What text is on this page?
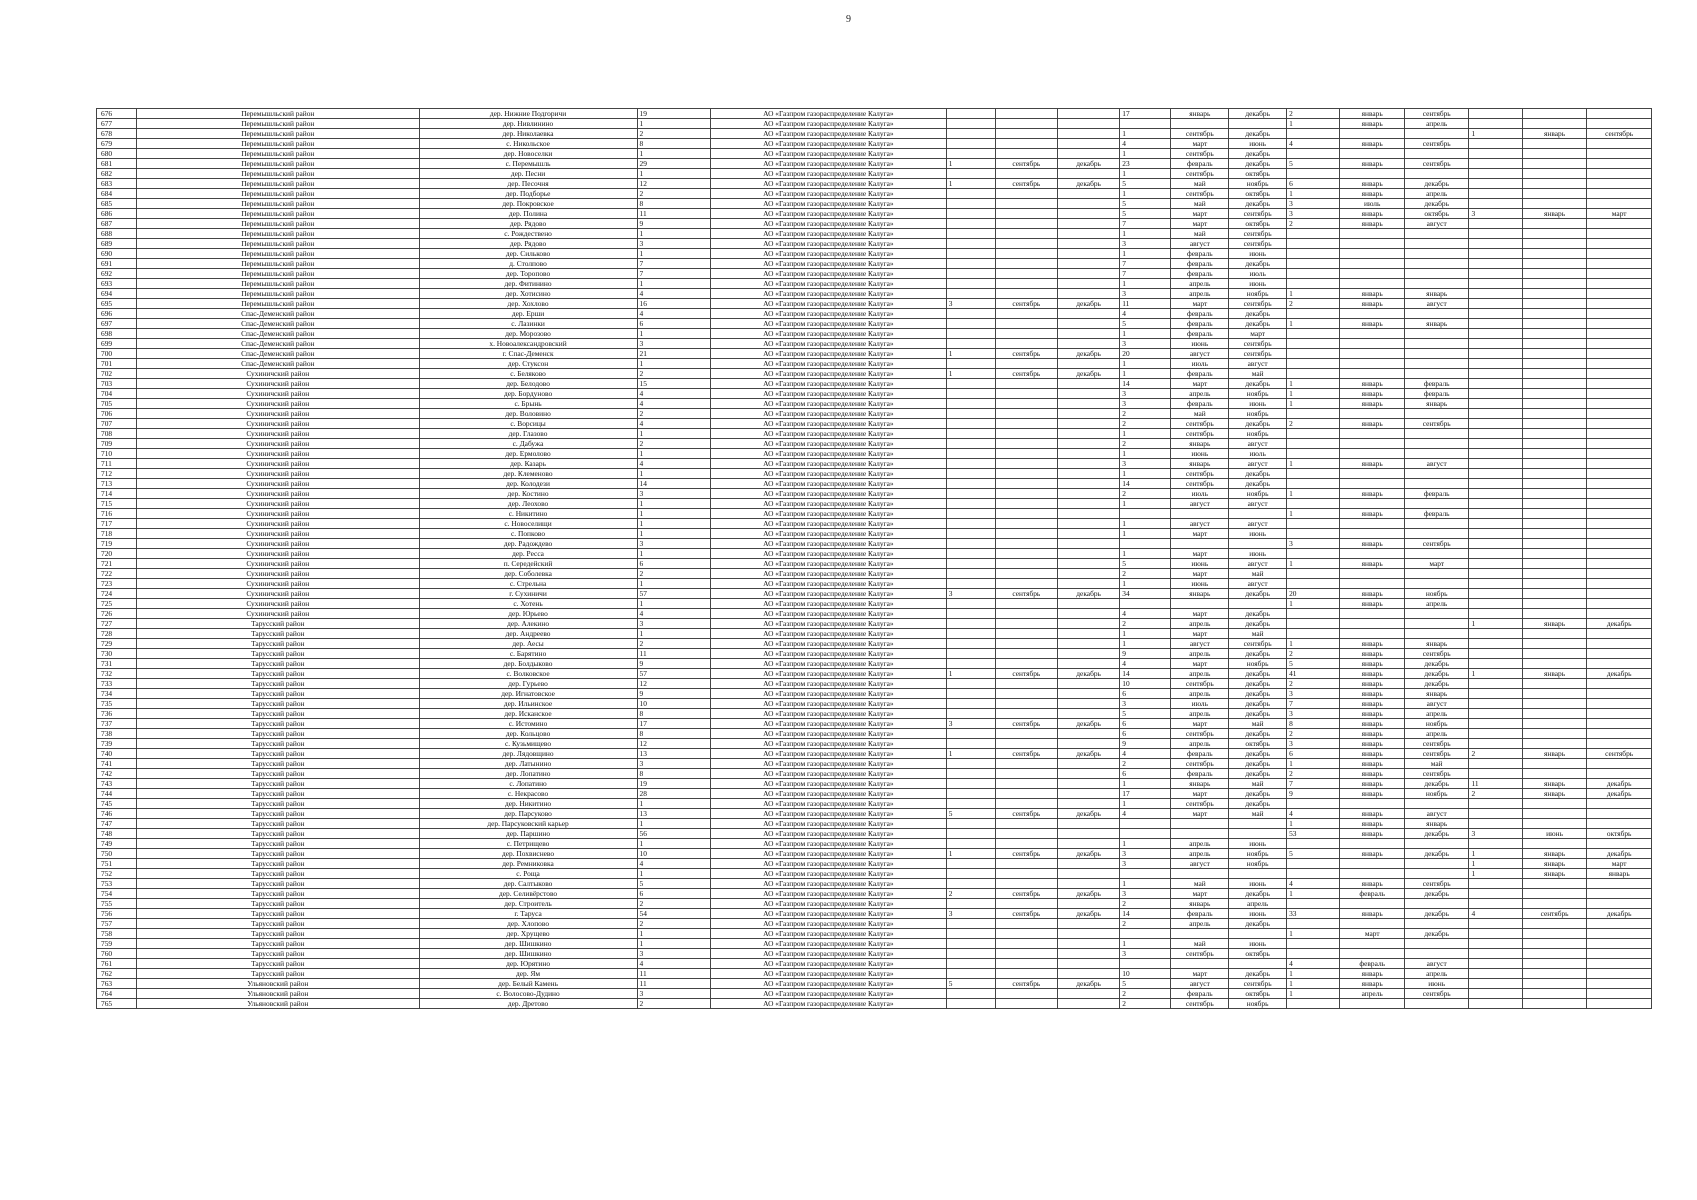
9
676	Перемышльский район	дер. Нижние Подгоричи	19	АО «Газпром газораспределение Калуга»				17	январь	декабрь	2	январь	сентябрь			
677	Перемышльский район	дер. Нивлинино	1	АО «Газпром газораспределение Калуга»							1	январь	апрель			
678	Перемышльский район	дер. Николаевка	2	АО «Газпром газораспределение Калуга»				1	сентябрь	декабрь				1	январь	сентябрь
679	Перемышльский район	с. Никольское	8	АО «Газпром газораспределение Калуга»				4	март	июнь	4	январь	сентябрь			
680	Перемышльский район	дер. Новоселки	1	АО «Газпром газораспределение Калуга»				1	сентябрь	декабрь						
681	Перемышльский район	с. Перемышль	29	АО «Газпром газораспределение Калуга»	1	сентябрь	декабрь	23	февраль	декабрь	5	январь	сентябрь			
682	Перемышльский район	дер. Песни	1	АО «Газпром газораспределение Калуга»				1	сентябрь	октябрь						
683	Перемышльский район	дер. Песочня	12	АО «Газпром газораспределение Калуга»	1	сентябрь	декабрь	5	май	ноябрь	6	январь	декабрь			
684	Перемышльский район	дер. Подборье	2	АО «Газпром газораспределение Калуга»				1	сентябрь	октябрь	1	январь	апрель			
685	Перемышльский район	дер. Покровское	8	АО «Газпром газораспределение Калуга»				5	май	декабрь	3	июль	декабрь			
686	Перемышльский район	дер. Полина	11	АО «Газпром газораспределение Калуга»				5	март	сентябрь	3	январь	октябрь	3	январь	март
687	Перемышльский район	дер. Рядово	9	АО «Газпром газораспределение Калуга»				7	март	октябрь	2	январь	август			
688	Перемышльский район	с. Рождествено	1	АО «Газпром газораспределение Калуга»				1	май	сентябрь						
689	Перемышльский район	дер. Рядово	3	АО «Газпром газораспределение Калуга»				3	август	сентябрь						
690	Перемышльский район	дер. Сильково	1	АО «Газпром газораспределение Калуга»				1	февраль	июнь						
691	Перемышльский район	д. Столпово	7	АО «Газпром газораспределение Калуга»				7	февраль	декабрь						
692	Перемышльский район	дер. Торопово	7	АО «Газпром газораспределение Калуга»				7	февраль	июль						
693	Перемышльский район	дер. Фитинино	1	АО «Газпром газораспределение Калуга»				1	апрель	июнь						
694	Перемышльский район	дер. Хотисино	4	АО «Газпром газораспределение Калуга»				3	апрель	ноябрь	1	январь	январь			
695	Перемышльский район	дер. Хохлово	16	АО «Газпром газораспределение Калуга»	3	сентябрь	декабрь	11	март	сентябрь	2	январь	август			
696	Спас-Деменский район	дер. Ерши	4	АО «Газпром газораспределение Калуга»				4	февраль	декабрь						
697	Спас-Деменский район	с. Лазинки	6	АО «Газпром газораспределение Калуга»				5	февраль	декабрь	1	январь	январь			
698	Спас-Деменский район	дер. Морозово	1	АО «Газпром газораспределение Калуга»				1	февраль	март						
699	Спас-Деменский район	х. Новоалександровский	3	АО «Газпром газораспределение Калуга»				3	июнь	сентябрь						
700	Спас-Деменский район	г. Спас-Деменск	21	АО «Газпром газораспределение Калуга»	1	сентябрь	декабрь	20	август	сентябрь						
701	Спас-Деменский район	дер. Стуксон	1	АО «Газпром газораспределение Калуга»				1	июль	август						
702	Сухиничский район	с. Беляково	2	АО «Газпром газораспределение Калуга»	1	сентябрь	декабрь	1	февраль	май						
703	Сухиничский район	дер. Белодово	15	АО «Газпром газораспределение Калуга»				14	март	декабрь	1	январь	февраль			
704	Сухиничский район	дер. Бордуново	4	АО «Газпром газораспределение Калуга»				3	апрель	ноябрь	1	январь	февраль			
705	Сухиничский район	с. Брынь	4	АО «Газпром газораспределение Калуга»				3	февраль	июнь	1	январь	январь			
706	Сухиничский район	дер. Воловино	2	АО «Газпром газораспределение Калуга»				2	май	ноябрь						
707	Сухиничский район	с. Ворсицы	4	АО «Газпром газораспределение Калуга»				2	сентябрь	декабрь	2	январь	сентябрь			
708	Сухиничский район	дер. Глазово	1	АО «Газпром газораспределение Калуга»				1	сентябрь	ноябрь						
709	Сухиничский район	с. Дабужа	2	АО «Газпром газораспределение Калуга»				2	январь	август						
710	Сухиничский район	дер. Ермолово	1	АО «Газпром газораспределение Калуга»				1	июнь	июль						
711	Сухиничский район	дер. Казарь	4	АО «Газпром газораспределение Калуга»				3	январь	август	1	январь	август			
712	Сухиничский район	дер. Клеменово	1	АО «Газпром газораспределение Калуга»				1	сентябрь	декабрь						
713	Сухиничский район	дер. Колодези	14	АО «Газпром газораспределение Калуга»				14	сентябрь	декабрь						
714	Сухиничский район	дер. Костино	3	АО «Газпром газораспределение Калуга»				2	июль	ноябрь	1	январь	февраль			
715	Сухиничский район	дер. Леохово	1	АО «Газпром газораспределение Калуга»				1	август	август						
716	Сухиничский район	с. Никитино	1	АО «Газпром газораспределение Калуга»							1	январь	февраль			
717	Сухиничский район	с. Новоселищи	1	АО «Газпром газораспределение Калуга»				1	август	август						
718	Сухиничский район	с. Попково	1	АО «Газпром газораспределение Калуга»				1	март	июнь						
719	Сухиничский район	дер. Радождево	3	АО «Газпром газораспределение Калуга»							3	январь	сентябрь			
720	Сухиничский район	дер. Ресса	1	АО «Газпром газораспределение Калуга»				1	март	июнь						
721	Сухиничский район	п. Середейский	6	АО «Газпром газораспределение Калуга»				5	июнь	август	1	январь	март			
722	Сухиничский район	дер. Соболевка	2	АО «Газпром газораспределение Калуга»				2	март	май						
723	Сухиничский район	с. Стрельна	1	АО «Газпром газораспределение Калуга»				1	июнь	август						
724	Сухиничский район	г. Сухиничи	57	АО «Газпром газораспределение Калуга»	3	сентябрь	декабрь	34	январь	декабрь	20	январь	ноябрь			
725	Сухиничский район	с. Хотень	1	АО «Газпром газораспределение Калуга»							1	январь	апрель			
726	Сухиничский район	дер. Юрьево	4	АО «Газпром газораспределение Калуга»				4	март	декабрь						
727	Тарусский район	дер. Алекино	3	АО «Газпром газораспределение Калуга»				2	апрель	декабрь				1	январь	декабрь
728	Тарусский район	дер. Андреево	1	АО «Газпром газораспределение Калуга»				1	март	май						
729	Тарусский район	дер. Аесы	2	АО «Газпром газораспределение Калуга»				1	август	сентябрь	1	январь	январь			
730	Тарусский район	с. Барятино	11	АО «Газпром газораспределение Калуга»				9	апрель	декабрь	2	январь	сентябрь			
731	Тарусский район	дер. Болдыково	9	АО «Газпром газораспределение Калуга»				4	март	ноябрь	5	январь	декабрь			
732	Тарусский район	с. Волковское	57	АО «Газпром газораспределение Калуга»	1	сентябрь	декабрь	14	апрель	декабрь	41	январь	декабрь	1	январь	декабрь
733	Тарусский район	дер. Гурьево	12	АО «Газпром газораспределение Калуга»				10	сентябрь	декабрь	2	январь	декабрь			
734	Тарусский район	дер. Игнатовское	9	АО «Газпром газораспределение Калуга»				6	апрель	декабрь	3	январь	январь			
735	Тарусский район	дер. Ильинское	10	АО «Газпром газораспределение Калуга»				3	июль	декабрь	7	январь	август			
736	Тарусский район	дер. Исканское	8	АО «Газпром газораспределение Калуга»				5	апрель	декабрь	3	январь	апрель			
737	Тарусский район	с. Истомино	17	АО «Газпром газораспределение Калуга»	3	сентябрь	декабрь	6	март	май	8	январь	ноябрь			
738	Тарусский район	дер. Кольцово	8	АО «Газпром газораспределение Калуга»				6	сентябрь	декабрь	2	январь	апрель			
739	Тарусский район	с. Кузьмищево	12	АО «Газпром газораспределение Калуга»				9	апрель	октябрь	3	январь	сентябрь			
740	Тарусский район	дер. Лядовщино	13	АО «Газпром газораспределение Калуга»	1	сентябрь	декабрь	4	февраль	декабрь	6	январь	сентябрь	2	январь	сентябрь
741	Тарусский район	дер. Латынино	3	АО «Газпром газораспределение Калуга»				2	сентябрь	декабрь	1	январь	май			
742	Тарусский район	дер. Лопатино	8	АО «Газпром газораспределение Калуга»				6	февраль	декабрь	2	январь	сентябрь			
743	Тарусский район	с. Лопатино	19	АО «Газпром газораспределение Калуга»				1	январь	май	7	январь	декабрь	11	январь	декабрь
744	Тарусский район	с. Некрасово	28	АО «Газпром газораспределение Калуга»				17	март	декабрь	9	январь	ноябрь	2	январь	декабрь
745	Тарусский район	дер. Никитино	1	АО «Газпром газораспределение Калуга»				1	сентябрь	декабрь						
746	Тарусский район	дер. Парсуково	13	АО «Газпром газораспределение Калуга»	5	сентябрь	декабрь	4	март	май	4	январь	август			
747	Тарусский район	дер. Парсуковский карьер	1	АО «Газпром газораспределение Калуга»							1	январь	январь			
748	Тарусский район	дер. Паршино	56	АО «Газпром газораспределение Калуга»							53	январь	декабрь	3	июнь	октябрь
749	Тарусский район	с. Петрищево	1	АО «Газпром газораспределение Калуга»				1	апрель	июнь						
750	Тарусский район	дер. Похвиснево	10	АО «Газпром газораспределение Калуга»	1	сентябрь	декабрь	3	апрель	ноябрь	5	январь	декабрь	1	январь	декабрь
751	Тарусский район	дер. Ремниковка	4	АО «Газпром газораспределение Калуга»				3	август	ноябрь				1	январь	март
752	Тарусский район	с. Роща	1	АО «Газпром газораспределение Калуга»										1	январь	январь
753	Тарусский район	дер. Салтыково	5	АО «Газпром газораспределение Калуга»				1	май	июнь	4	январь	сентябрь			
754	Тарусский район	дер. Селивёрстово	6	АО «Газпром газораспределение Калуга»	2	сентябрь	декабрь	3	март	декабрь	1	февраль	декабрь			
755	Тарусский район	дер. Строитель	2	АО «Газпром газораспределение Калуга»				2	январь	апрель						
756	Тарусский район	г. Таруса	54	АО «Газпром газораспределение Калуга»	3	сентябрь	декабрь	14	февраль	июнь	33	январь	декабрь	4	сентябрь	декабрь
757	Тарусский район	дер. Хлопово	2	АО «Газпром газораспределение Калуга»				2	апрель	декабрь						
758	Тарусский район	дер. Хрущево	1	АО «Газпром газораспределение Калуга»							1	март	декабрь			
759	Тарусский район	дер. Шишкино	1	АО «Газпром газораспределение Калуга»				1	май	июнь						
760	Тарусский район	дер. Шишкино	3	АО «Газпром газораспределение Калуга»				3	сентябрь	октябрь						
761	Тарусский район	дер. Юрятино	4	АО «Газпром газораспределение Калуга»							4	февраль	август			
762	Тарусский район	дер. Ям	11	АО «Газпром газораспределение Калуга»				10	март	декабрь	1	январь	апрель			
763	Ульяновский район	дер. Белый Камень	11	АО «Газпром газораспределение Калуга»	5	сентябрь	декабрь	5	август	сентябрь	1	январь	июнь			
764	Ульяновский район	с. Волосово-Дудино	3	АО «Газпром газораспределение Калуга»				2	февраль	октябрь	1	апрель	сентябрь			
765	Ульяновский район	дер. Дретово	2	АО «Газпром газораспределение Калуга»				2	сентябрь	ноябрь						
